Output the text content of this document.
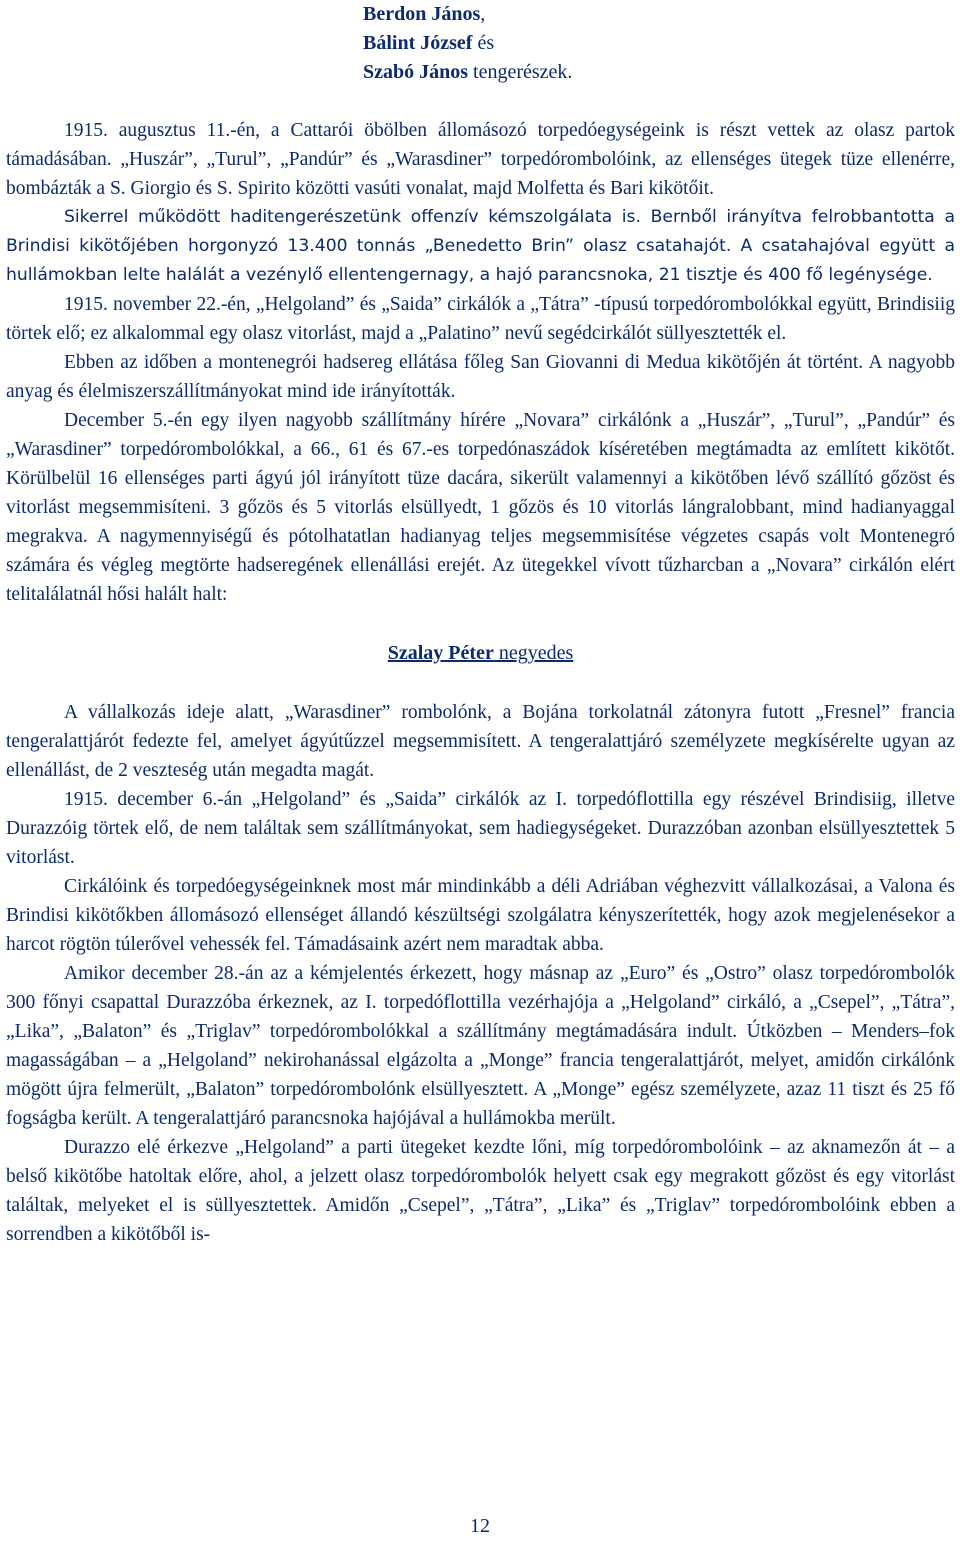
Berdon János,
Bálint József és
Szabó János tengerészek.

1915. augusztus 11.-én, a Cattarói öbölben állomásozó torpedóegységeink is részt vettek az olasz partok támadásában. „Huszár”, „Turul”, „Pandúr” és „Warasdiner” torpedórombolóink, az ellenséges ütegek tüze ellenérre, bombázták a S. Giorgio és S. Spirito közötti vasúti vonalat, majd Molfetta és Bari kikötőit.

Sikerrel működött haditengerészetünk offenzív kémszolgálata is. Bernből irányítva felrobbantotta a Brindisi kikötőjében horgonyzó 13.400 tonnás „Benedetto Brin” olasz csatahajót. A csatahajóval együtt a hullámokban lelte halálát a vezénylő ellentengernagy, a hajó parancsnoka, 21 tisztje és 400 fő legénysége.

1915. november 22.-én, „Helgoland” és „Saida” cirkálók a „Tátra” -típusú torpedórombolókkal együtt, Brindisiig törtek elő; ez alkalommal egy olasz vitorlást, majd a „Palatino” nevű segédcirkálót süllyesztették el.

Ebben az időben a montenegrói hadsereg ellátása főleg San Giovanni di Medua kikötőjén át történt. A nagyobb anyag és élelmiszerszállítmányokat mind ide irányították.

December 5.-én egy ilyen nagyobb szállítmány hírére „Novara” cirkálónk a „Huszár”, „Turul”, „Pandúr” és „Warasdiner” torpedórombolókkal, a 66., 61 és 67.-es torpedónaszádok kíséretében megtámadta az említett kikötőt. Körülbelül 16 ellenséges parti ágyú jól irányított tüze dacára, sikerült valamennyi a kikötőben lévő szállító gőzöst és vitorlást megsemmisíteni. 3 gőzös és 5 vitorlás elsüllyedt, 1 gőzös és 10 vitorlás lángralobbant, mind hadianyaggal megrakva. A nagymennyiségű és pótolhatatlan hadianyag teljes megsemmisítése végzetes csapás volt Montenegró számára és végleg megtörte hadseregének ellenállási erejét. Az ütegekkel vívott tűzharcban a „Novara” cirkálón elért telitalálatnál hősi halált halt:

Szalay Péter negyedes

A vállalkozás ideje alatt, „Warasdiner” rombolónk, a Bojána torkolatnál zátonyra futott „Fresnel” francia tengeralattjárót fedezte fel, amelyet ágyútűzzel megsemmisített. A tengeralattjáró személyzete megkísérelte ugyan az ellenállást, de 2 veszteség után megadta magát.

1915. december 6.-án „Helgoland” és „Saida” cirkálók az I. torpedóflottilla egy részével Brindisiig, illetve Durazzóig törtek elő, de nem találtak sem szállítmányokat, sem hadiegységeket. Durazzóban azonban elsüllyesztettek 5 vitorlást.

Cirkálóink és torpedóegységeinknek most már mindinkább a déli Adriában véghezvitt vállalkozásai, a Valona és Brindisi kikötőkben állomásozó ellenséget állandó készültségi szolgálatra kényszerítették, hogy azok megjelenésekor a harcot rögtön túlerővel vehessék fel. Támadásaink azért nem maradtak abba.

Amikor december 28.-án az a kémjelentés érkezett, hogy másnap az „Euro” és „Ostro” olasz torpedórombolók 300 főnyi csapattal Durazzóba érkeznek, az I. torpedóflottilla vezérhajója a „Helgoland” cirkáló, a „Csepel”, „Tátra”, „Lika”, „Balaton” és „Triglav” torpedórombolókkal a szállítmány megtámadására indult. Útközben – Menders–fok magasságában – a „Helgoland” nekirohanással elgázolta a „Monge” francia tengeralattjárót, melyet, amidőn cirkálónk mögött újra felmerült, „Balaton” torpedórombolónk elsüllyesztett. A „Monge” egész személyzete, azaz 11 tiszt és 25 fő fogságba került. A tengeralattjáró parancsnoka hajójával a hullámokba merült.

Durazzo elé érkezve „Helgoland” a parti ütegeket kezdte lőni, míg torpedórombolóink – az aknamezőn át – a belső kikötőbe hatoltak előre, ahol, a jelzett olasz torpedórombolók helyett csak egy megrakott gőzöst és egy vitorlást találtak, melyeket el is süllyesztettek. Amidőn „Csepel”, „Tátra”, „Lika” és „Triglav” torpedórombolóink ebben a sorrendben a kikötőből is-

12
